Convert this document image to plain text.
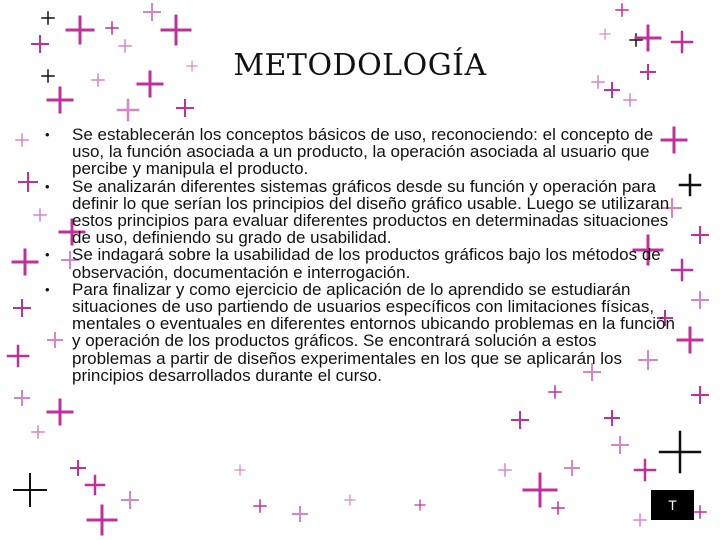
METODOLOGÍA
• Se establecerán los conceptos básicos de uso, reconociendo: el concepto de uso, la función asociada a un producto, la operación asociada al usuario que percibe y manipula el producto.
• Se analizarán diferentes sistemas gráficos desde su función y operación para definir lo que serían los principios del diseño gráfico usable. Luego se utilizaran estos principios para evaluar diferentes productos en determinadas situaciones de uso, definiendo su grado de usabilidad.
• Se indagará sobre la usabilidad de los productos gráficos bajo los métodos de observación, documentación e interrogación.
• Para finalizar y como ejercicio de aplicación de lo aprendido se estudiarán situaciones de uso partiendo de usuarios específicos con limitaciones físicas, mentales o eventuales en diferentes entornos ubicando problemas en la función y operación de los productos gráficos. Se encontrará solución a estos problemas a partir de diseños experimentales en los que se aplicarán los principios desarrollados durante el curso.
T
